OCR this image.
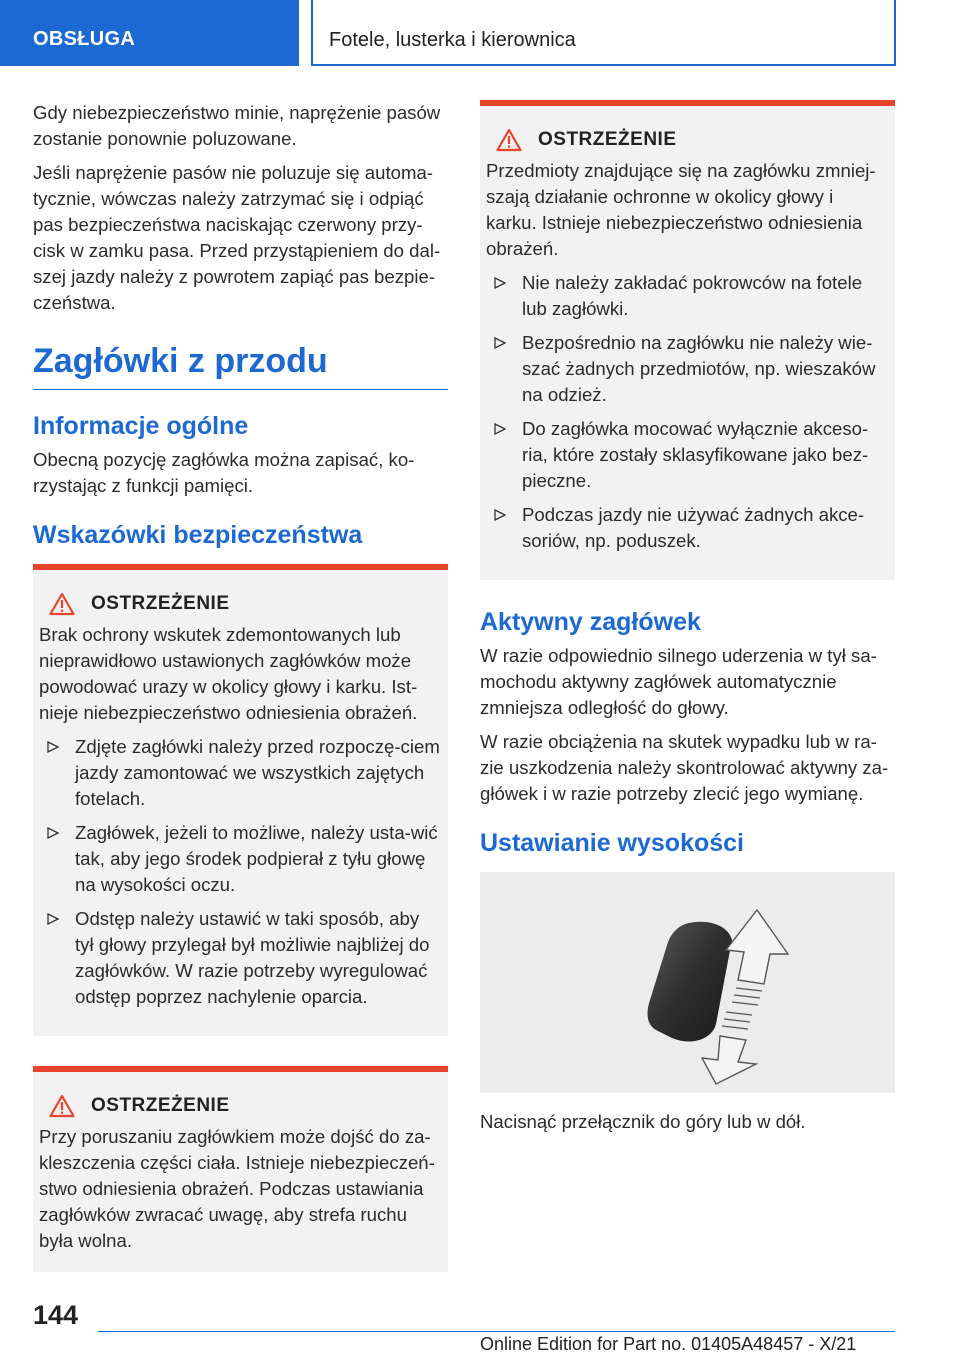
OBSŁUGA	Fotele, lusterka i kierownica

Gdy niebezpieczeństwo minie, naprężenie pasów zostanie ponownie poluzowane.

Jeśli naprężenie pasów nie poluzuje się automa-tycznie, wówczas należy zatrzymać się i odpiąć pas bezpieczeństwa naciskając czerwony przy-cisk w zamku pasa. Przed przystąpieniem do dal-szej jazdy należy z powrotem zapiąć pas bezpie-czeństwa.

Zagłówki z przodu
Informacje ogólne

Obecną pozycję zagłówka można zapisać, ko-rzystając z funkcji pamięci.

Wskazówki bezpieczeństwa
OSTRZEŻENIE

Brak ochrony wskutek zdemontowanych lub nieprawidłowo ustawionych zagłówków może powodować urazy w okolicy głowy i karku. Ist-nieje niebezpieczeństwo odniesienia obrażeń.

Zdjęte zagłówki należy przed rozpoczę-ciem jazdy zamontować we wszystkich zajętych fotelach.
Zagłówek, jeżeli to możliwe, należy usta-wić tak, aby jego środek podpierał z tyłu głowę na wysokości oczu.
Odstęp należy ustawić w taki sposób, aby tył głowy przylegał był możliwie najbliżej do zagłówków. W razie potrzeby wyregulować odstęp poprzez nachylenie oparcia.
OSTRZEŻENIE

Przy poruszaniu zagłówkiem może dojść do za-kleszczenia części ciała. Istnieje niebezpieczeń-stwo odniesienia obrażeń. Podczas ustawiania zagłówków zwracać uwagę, aby strefa ruchu była wolna.

OSTRZEŻENIE

Przedmioty znajdujące się na zagłówku zmniej-szają działanie ochronne w okolicy głowy i karku. Istnieje niebezpieczeństwo odniesienia obrażeń.

Nie należy zakładać pokrowców na fotele lub zagłówki.
Bezpośrednio na zagłówku nie należy wie-szać żadnych przedmiotów, np. wieszaków na odzież.
Do zagłówka mocować wyłącznie akceso-ria, które zostały sklasyfikowane jako bez-pieczne.
Podczas jazdy nie używać żadnych akce-soriów, np. poduszek.
Aktywny zagłówek

W razie odpowiednio silnego uderzenia w tył sa-mochodu aktywny zagłówek automatycznie zmniejsza odległość do głowy.

W razie obciążenia na skutek wypadku lub w ra-zie uszkodzenia należy skontrolować aktywny za-główek i w razie potrzeby zlecić jego wymianę.

Ustawianie wysokości

Nacisnąć przełącznik do góry lub w dół.

144
Online Edition for Part no. 01405A48457 - X/21
